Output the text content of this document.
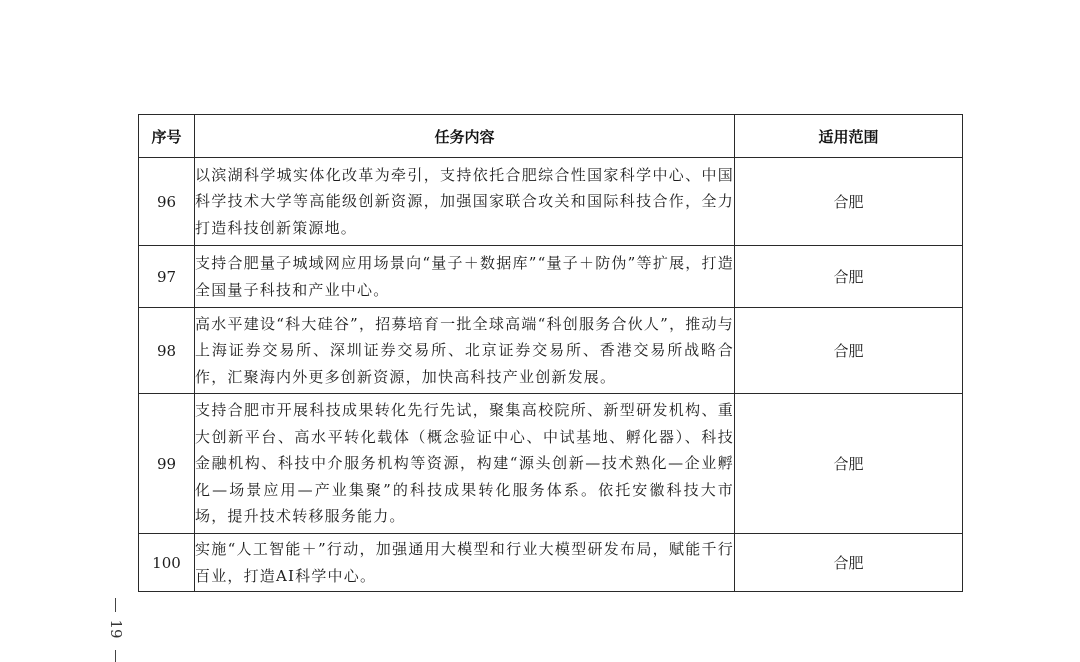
序号	任务内容	适用范围
96	以滨湖科学城实体化改革为牵引，支持依托合肥综合性国家科学中心、中国科学技术大学等高能级创新资源，加强国家联合攻关和国际科技合作，全力打造科技创新策源地。	合肥
97	支持合肥量子城域网应用场景向“量子＋数据库”“量子＋防伪”等扩展，打造全国量子科技和产业中心。	合肥
98	高水平建设“科大硅谷”，招募培育一批全球高端“科创服务合伙人”，推动与上海证券交易所、深圳证券交易所、北京证券交易所、香港交易所战略合作，汇聚海内外更多创新资源，加快高科技产业创新发展。	合肥
99	支持合肥市开展科技成果转化先行先试，聚集高校院所、新型研发机构、重大创新平台、高水平转化载体（概念验证中心、中试基地、孵化器）、科技金融机构、科技中介服务机构等资源，构建“源头创新—技术熟化—企业孵化—场景应用—产业集聚”的科技成果转化服务体系。依托安徽科技大市场，提升技术转移服务能力。	合肥
100	实施“人工智能＋”行动，加强通用大模型和行业大模型研发布局，赋能千行百业，打造AI科学中心。	合肥
19
